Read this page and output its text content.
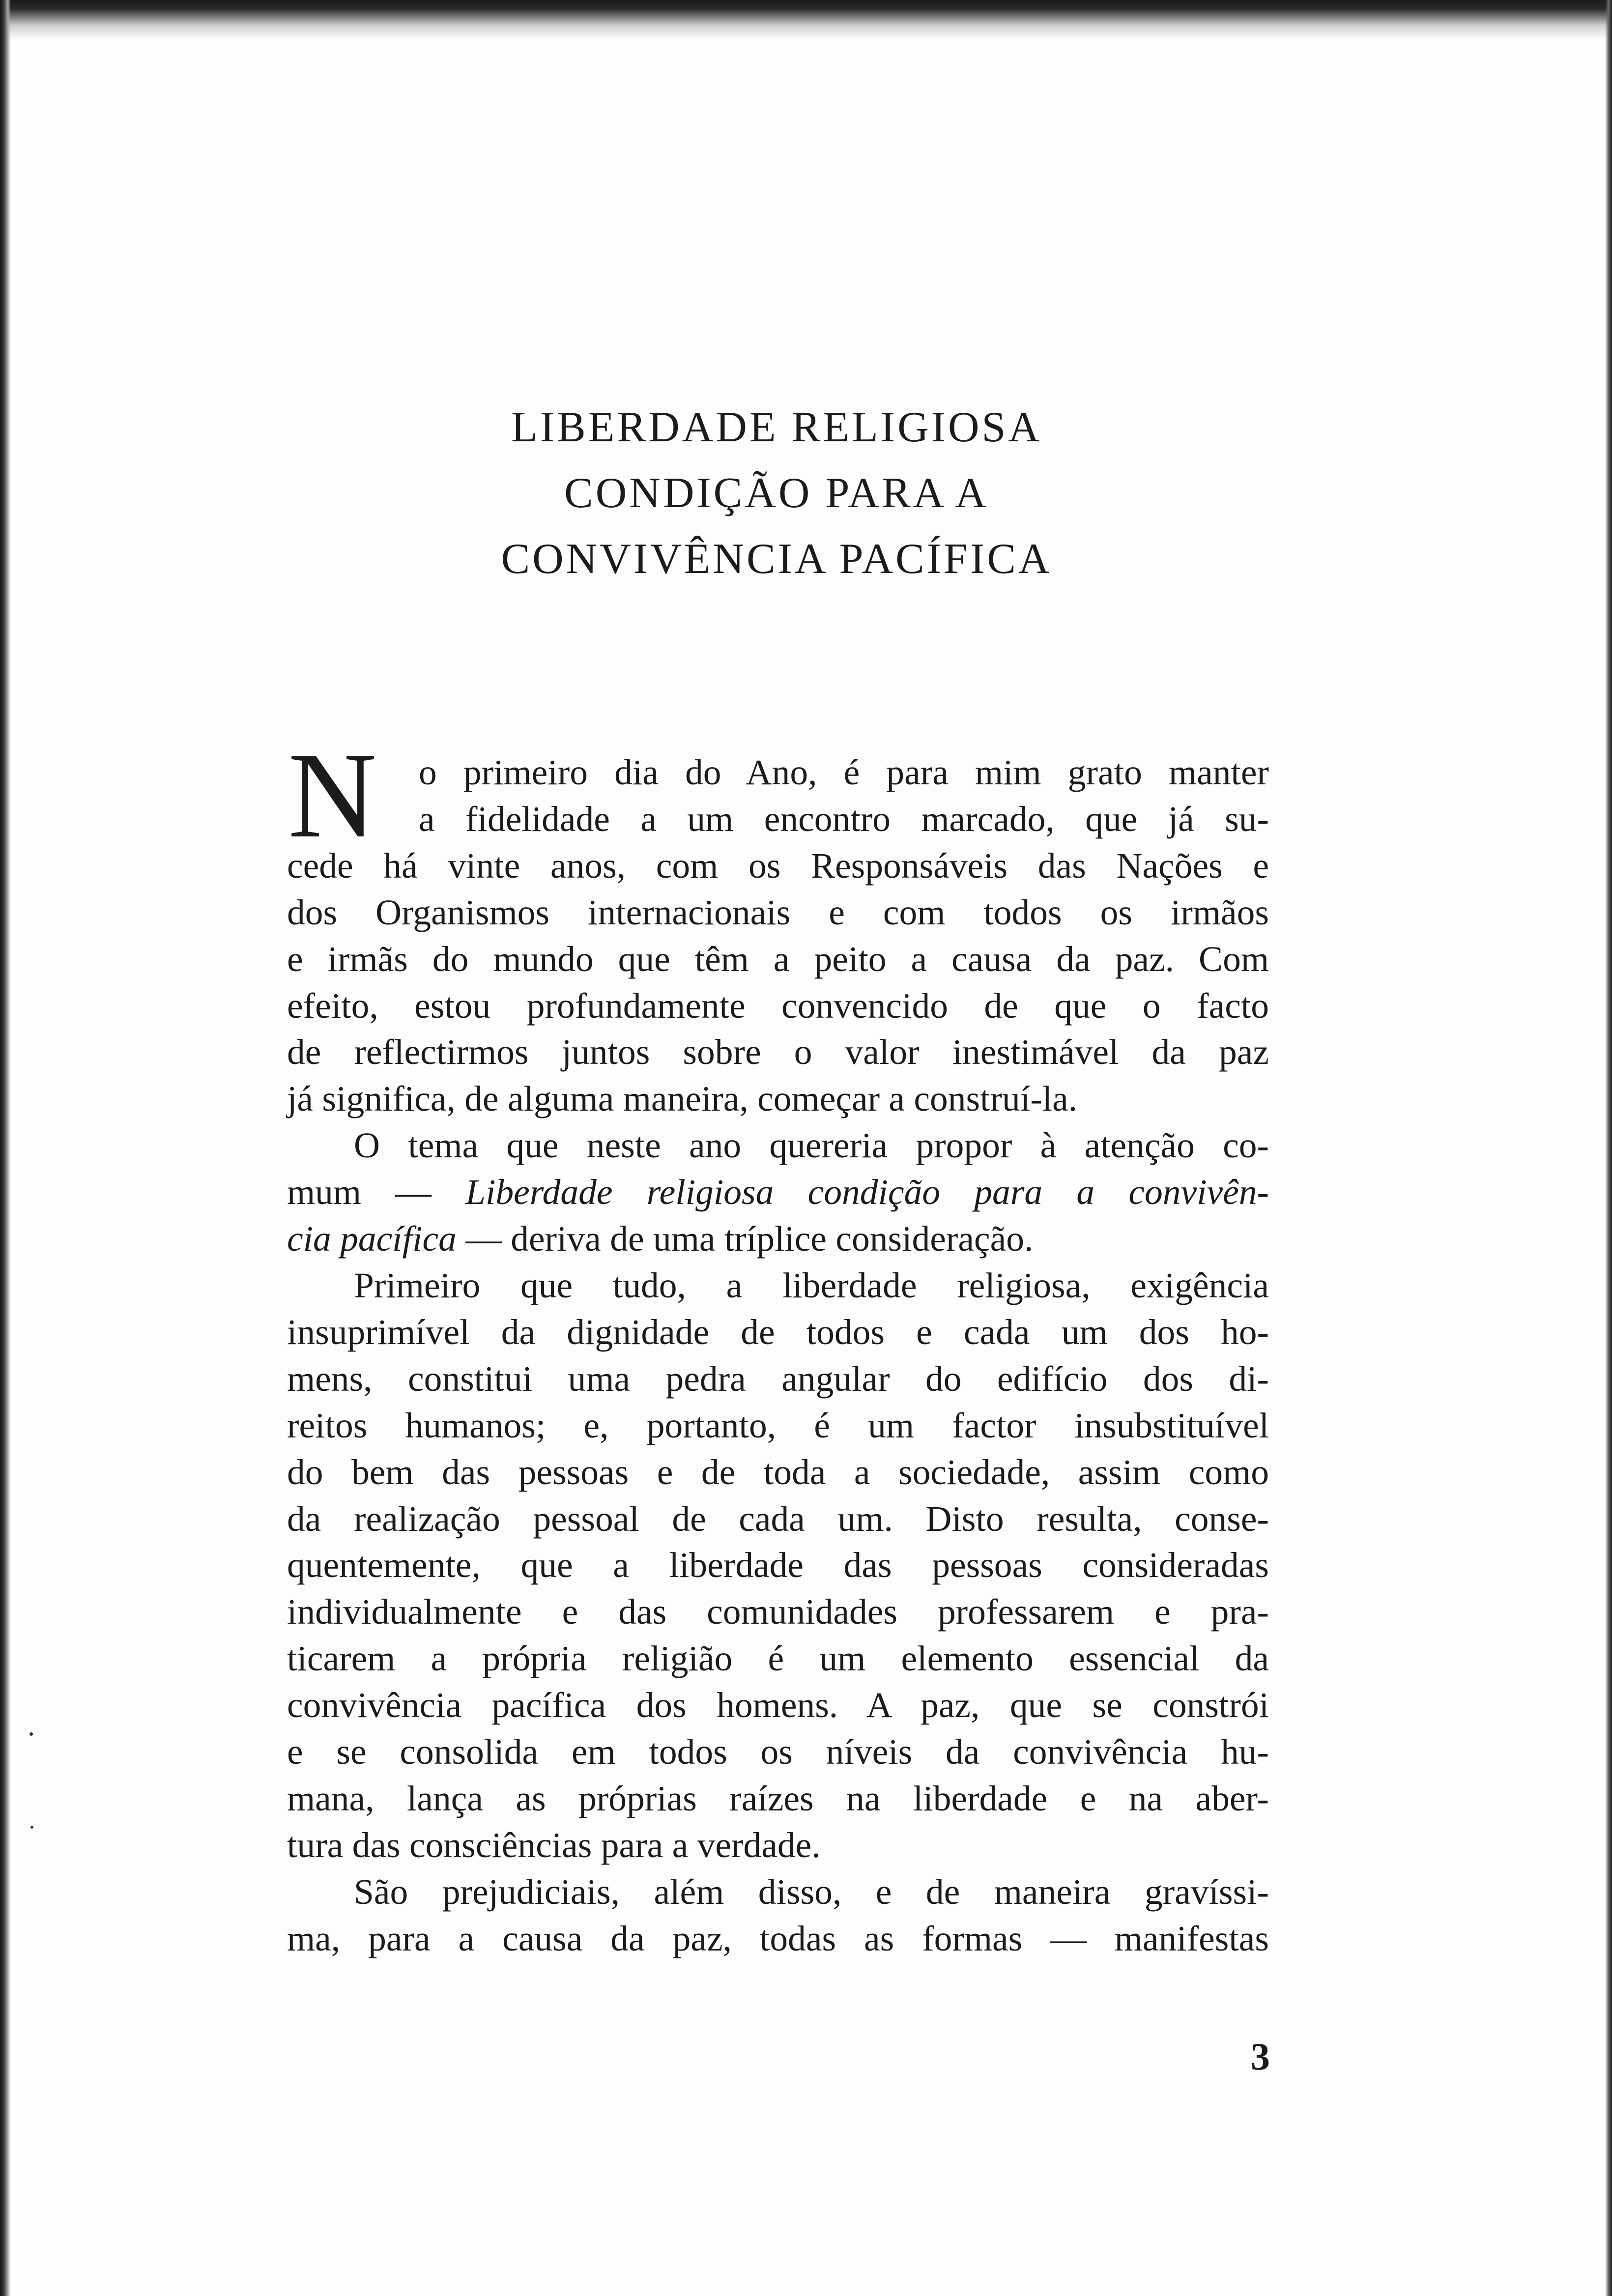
LIBERDADE RELIGIOSA
CONDIÇÃO PARA A
CONVIVÊNCIA PACÍFICA
N	o primeiro dia do Ano, é para mim grato manter
a fidelidade a um encontro marcado, que já su-
cede há vinte anos, com os Responsáveis das Nações e
dos Organismos internacionais e com todos os irmãos
e irmãs do mundo que têm a peito a causa da paz. Com
efeito, estou profundamente convencido de que o facto
de reflectirmos juntos sobre o valor inestimável da paz
já significa, de alguma maneira, começar a construí-la.
O tema que neste ano quereria propor à atenção co-
mum — Liberdade religiosa condição para a convivên-
cia pacífica — deriva de uma tríplice consideração.
Primeiro que tudo, a liberdade religiosa, exigência
insuprimível da dignidade de todos e cada um dos ho-
mens, constitui uma pedra angular do edifício dos di-
reitos humanos; e, portanto, é um factor insubstituível
do bem das pessoas e de toda a sociedade, assim como
da realização pessoal de cada um. Disto resulta, conse-
quentemente, que a liberdade das pessoas consideradas
individualmente e das comunidades professarem e pra-
ticarem a própria religião é um elemento essencial da
convivência pacífica dos homens. A paz, que se constrói
e se consolida em todos os níveis da convivência hu-
mana, lança as próprias raízes na liberdade e na aber-
tura das consciências para a verdade.
São prejudiciais, além disso, e de maneira gravíssi-
ma, para a causa da paz, todas as formas — manifestas
3
